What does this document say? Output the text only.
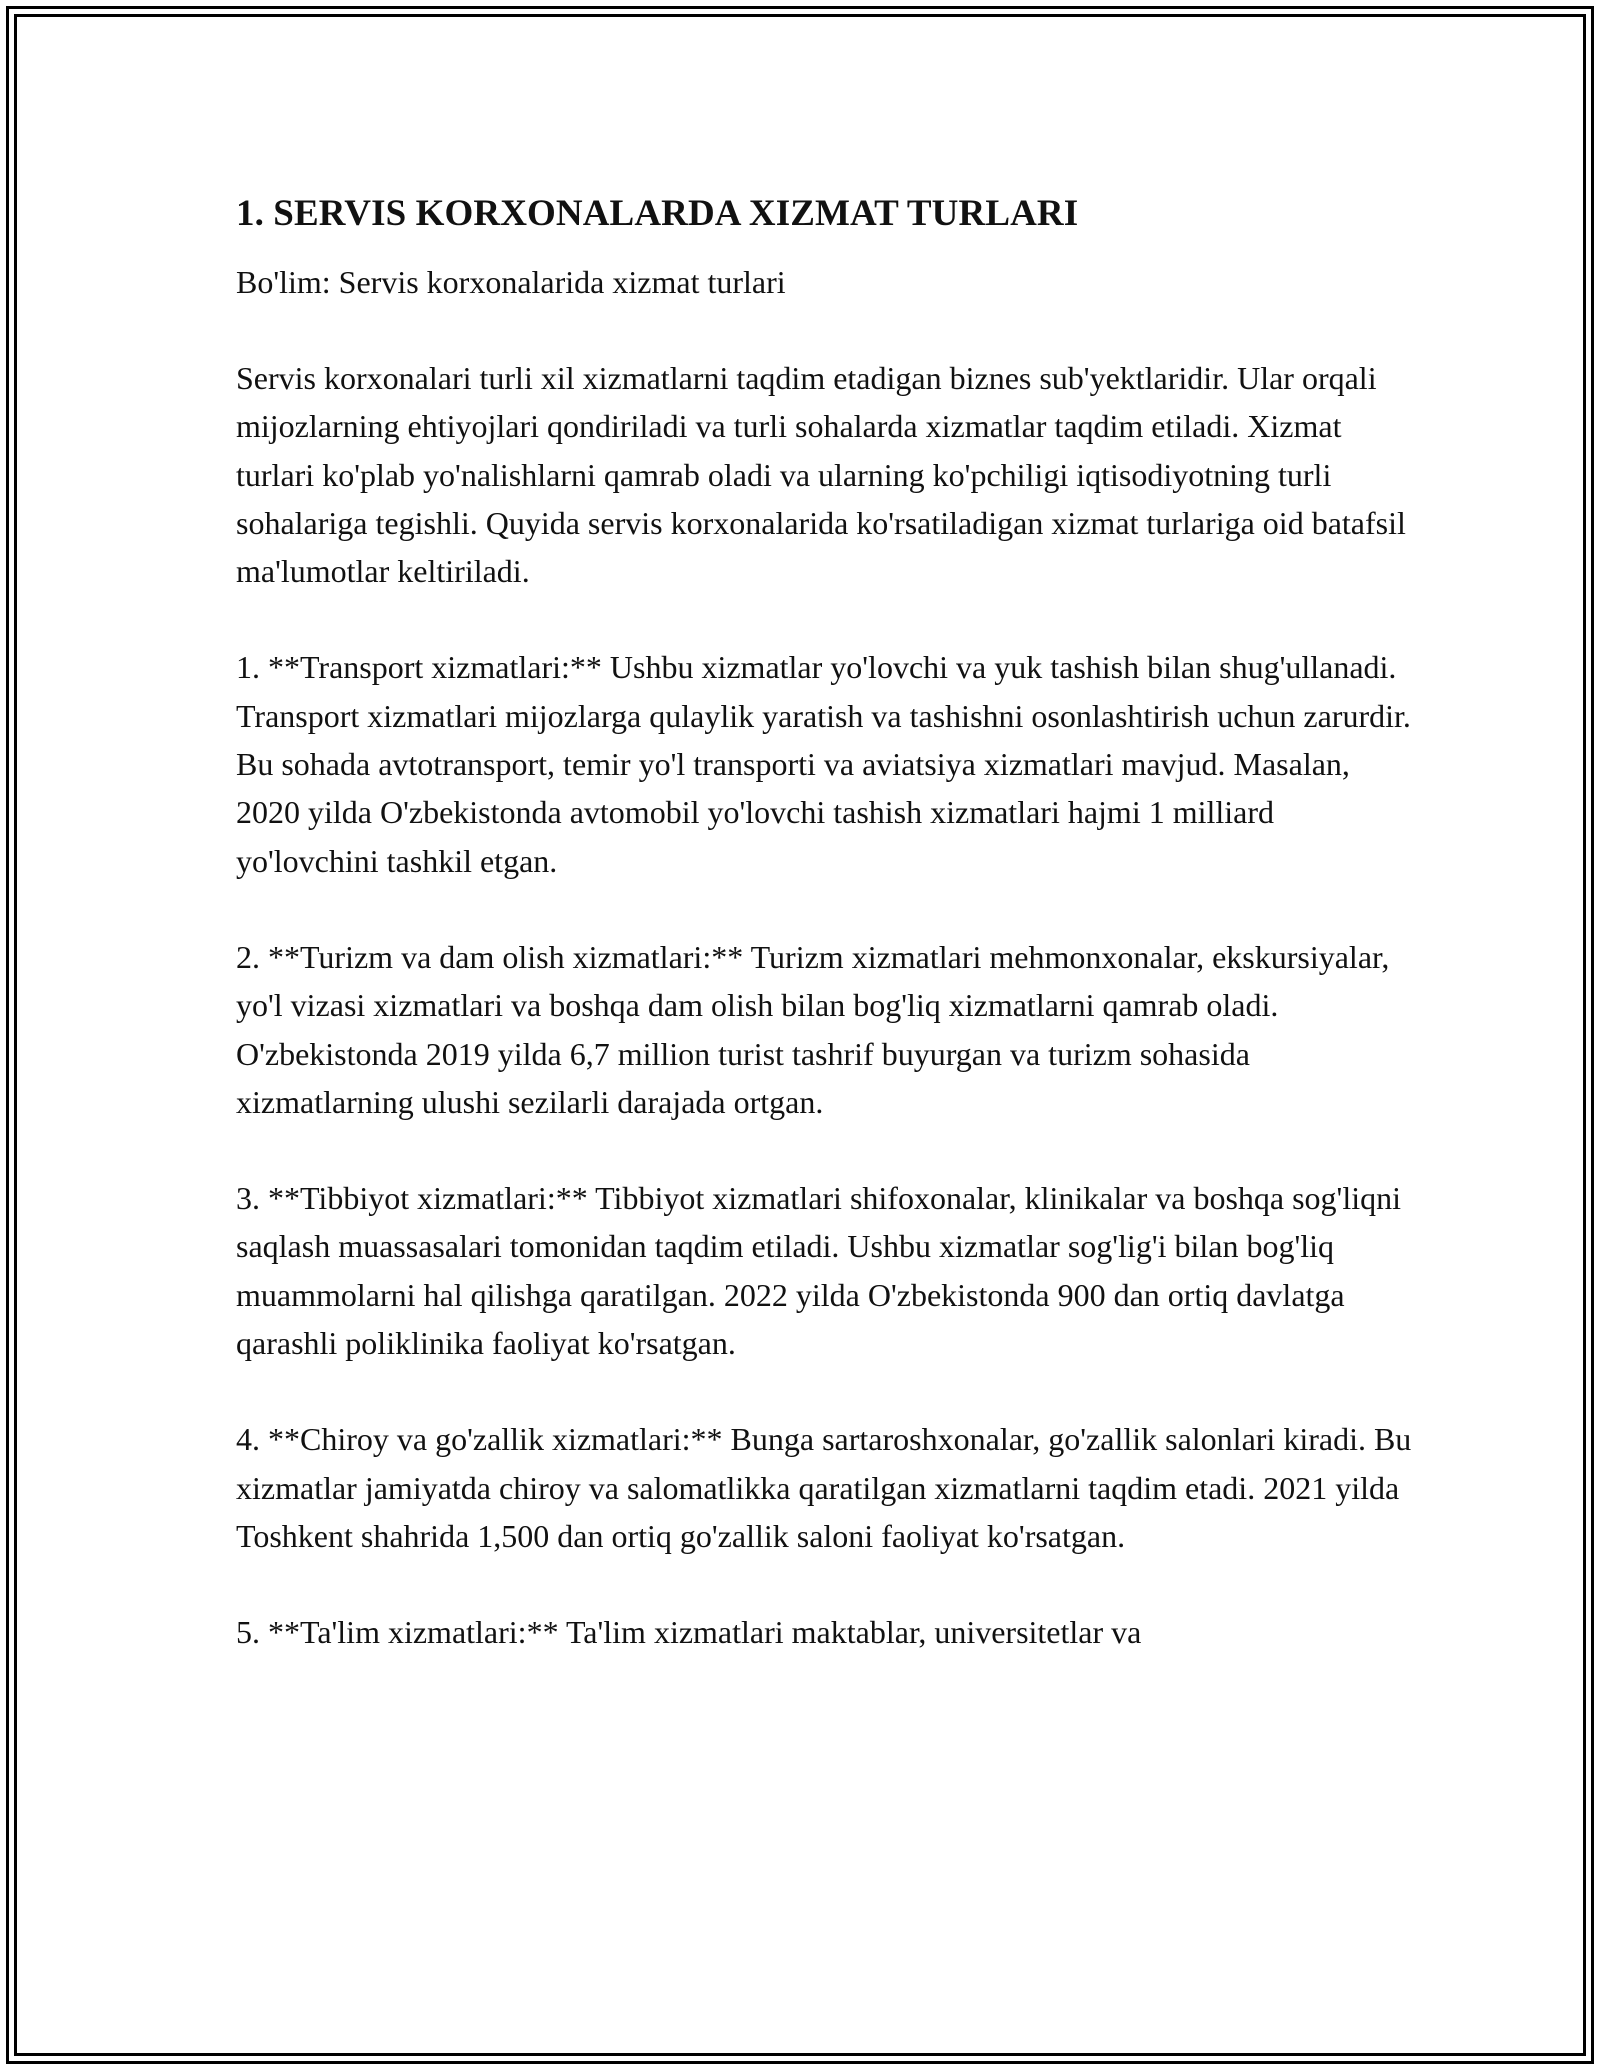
1. SERVIS KORXONALARDA XIZMAT TURLARI

Bo'lim: Servis korxonalarida xizmat turlari

Servis korxonalari turli xil xizmatlarni taqdim etadigan biznes sub'yektlaridir. Ular orqali mijozlarning ehtiyojlari qondiriladi va turli sohalarda xizmatlar taqdim etiladi. Xizmat turlari ko'plab yo'nalishlarni qamrab oladi va ularning ko'pchiligi iqtisodiyotning turli sohalariga tegishli. Quyida servis korxonalarida ko'rsatiladigan xizmat turlariga oid batafsil ma'lumotlar keltiriladi.

1. **Transport xizmatlari:** Ushbu xizmatlar yo'lovchi va yuk tashish bilan shug'ullanadi. Transport xizmatlari mijozlarga qulaylik yaratish va tashishni osonlashtirish uchun zarurdir. Bu sohada avtotransport, temir yo'l transporti va aviatsiya xizmatlari mavjud. Masalan, 2020 yilda O'zbekistonda avtomobil yo'lovchi tashish xizmatlari hajmi 1 milliard yo'lovchini tashkil etgan.

2. **Turizm va dam olish xizmatlari:** Turizm xizmatlari mehmonxonalar, ekskursiyalar, yo'l vizasi xizmatlari va boshqa dam olish bilan bog'liq xizmatlarni qamrab oladi. O'zbekistonda 2019 yilda 6,7 million turist tashrif buyurgan va turizm sohasida xizmatlarning ulushi sezilarli darajada ortgan.

3. **Tibbiyot xizmatlari:** Tibbiyot xizmatlari shifoxonalar, klinikalar va boshqa sog'liqni saqlash muassasalari tomonidan taqdim etiladi. Ushbu xizmatlar sog'lig'i bilan bog'liq muammolarni hal qilishga qaratilgan. 2022 yilda O'zbekistonda 900 dan ortiq davlatga qarashli poliklinika faoliyat ko'rsatgan.

4. **Chiroy va go'zallik xizmatlari:** Bunga sartaroshxonalar, go'zallik salonlari kiradi. Bu xizmatlar jamiyatda chiroy va salomatlikka qaratilgan xizmatlarni taqdim etadi. 2021 yilda Toshkent shahrida 1,500 dan ortiq go'zallik saloni faoliyat ko'rsatgan.

5. **Ta'lim xizmatlari:** Ta'lim xizmatlari maktablar, universitetlar va
